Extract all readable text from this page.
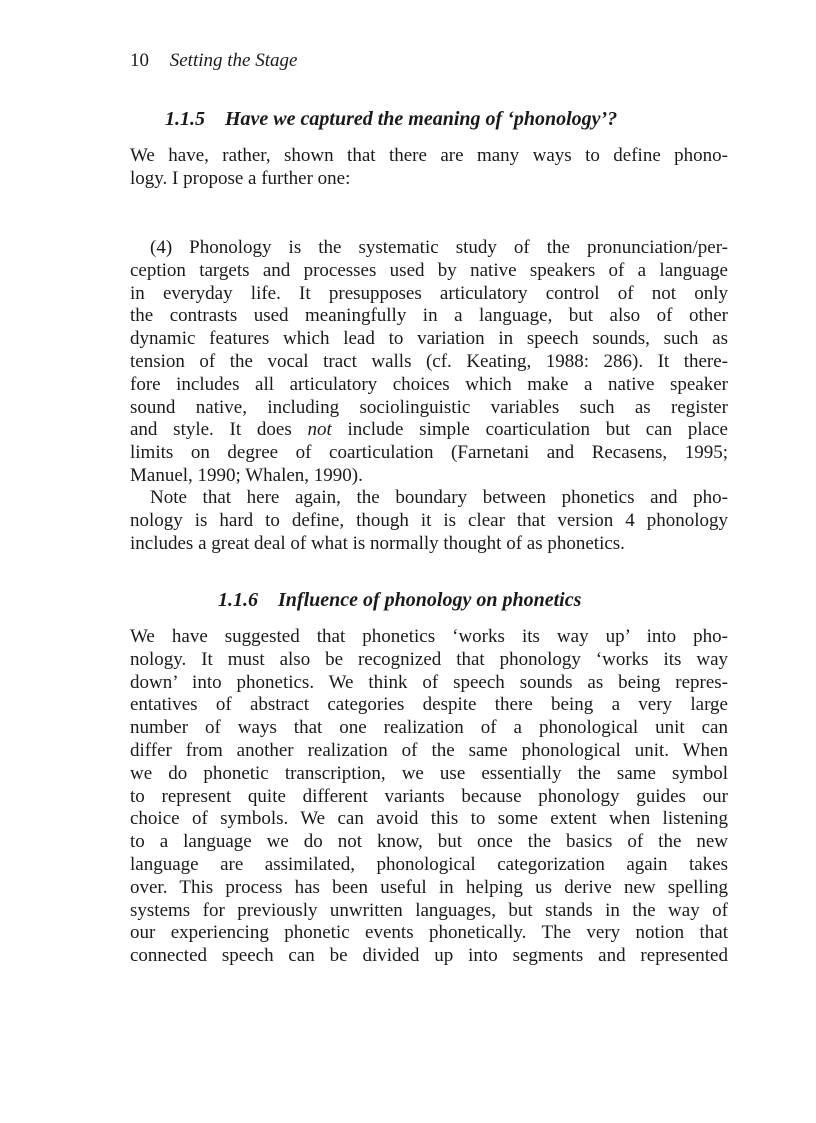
10 Setting the Stage
1.1.5 Have we captured the meaning of ‘phonology’?
We have, rather, shown that there are many ways to define phono-
logy. I propose a further one:
(4) Phonology is the systematic study of the pronunciation/per-
ception targets and processes used by native speakers of a language
in everyday life. It presupposes articulatory control of not only
the contrasts used meaningfully in a language, but also of other
dynamic features which lead to variation in speech sounds, such as
tension of the vocal tract walls (cf. Keating, 1988: 286). It there-
fore includes all articulatory choices which make a native speaker
sound native, including sociolinguistic variables such as register
and style. It does not include simple coarticulation but can place
limits on degree of coarticulation (Farnetani and Recasens, 1995;
Manuel, 1990; Whalen, 1990).
Note that here again, the boundary between phonetics and pho-
nology is hard to define, though it is clear that version 4 phonology
includes a great deal of what is normally thought of as phonetics.
1.1.6 Influence of phonology on phonetics
We have suggested that phonetics ‘works its way up’ into pho-
nology. It must also be recognized that phonology ‘works its way
down’ into phonetics. We think of speech sounds as being repres-
entatives of abstract categories despite there being a very large
number of ways that one realization of a phonological unit can
differ from another realization of the same phonological unit. When
we do phonetic transcription, we use essentially the same symbol
to represent quite different variants because phonology guides our
choice of symbols. We can avoid this to some extent when listening
to a language we do not know, but once the basics of the new
language are assimilated, phonological categorization again takes
over. This process has been useful in helping us derive new spelling
systems for previously unwritten languages, but stands in the way of
our experiencing phonetic events phonetically. The very notion that
connected speech can be divided up into segments and represented
